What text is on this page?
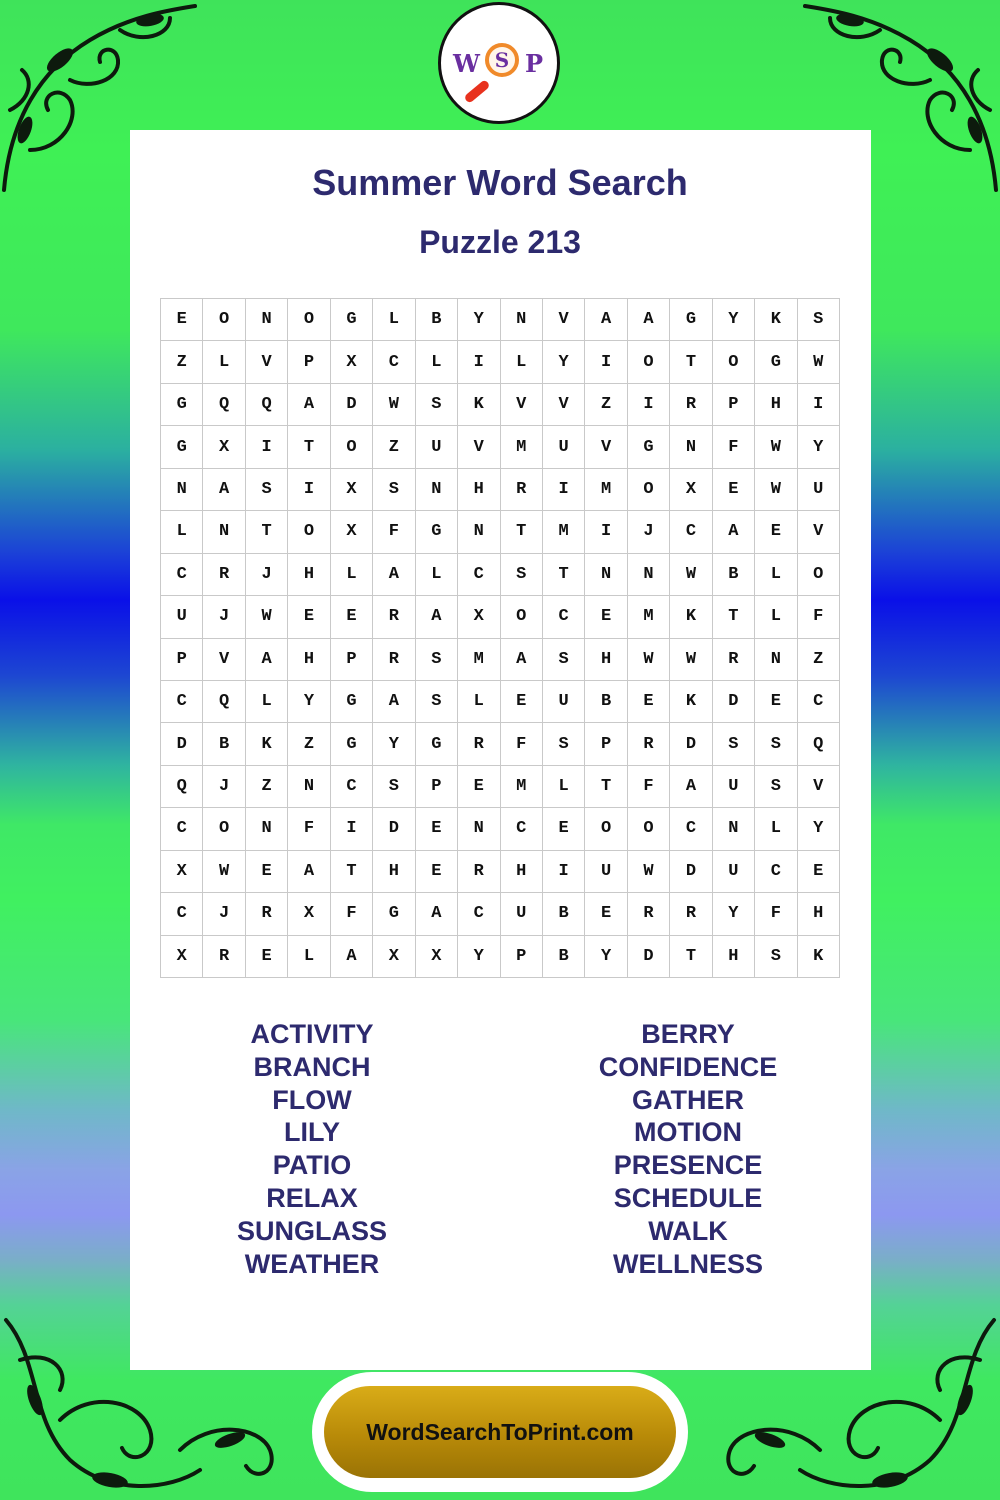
W S P
Summer Word Search
Puzzle 213
E	O	N	O	G	L	B	Y	N	V	A	A	G	Y	K	S
Z	L	V	P	X	C	L	I	L	Y	I	O	T	O	G	W
G	Q	Q	A	D	W	S	K	V	V	Z	I	R	P	H	I
G	X	I	T	O	Z	U	V	M	U	V	G	N	F	W	Y
N	A	S	I	X	S	N	H	R	I	M	O	X	E	W	U
L	N	T	O	X	F	G	N	T	M	I	J	C	A	E	V
C	R	J	H	L	A	L	C	S	T	N	N	W	B	L	O
U	J	W	E	E	R	A	X	O	C	E	M	K	T	L	F
P	V	A	H	P	R	S	M	A	S	H	W	W	R	N	Z
C	Q	L	Y	G	A	S	L	E	U	B	E	K	D	E	C
D	B	K	Z	G	Y	G	R	F	S	P	R	D	S	S	Q
Q	J	Z	N	C	S	P	E	M	L	T	F	A	U	S	V
C	O	N	F	I	D	E	N	C	E	O	O	C	N	L	Y
X	W	E	A	T	H	E	R	H	I	U	W	D	U	C	E
C	J	R	X	F	G	A	C	U	B	E	R	R	Y	F	H
X	R	E	L	A	X	X	Y	P	B	Y	D	T	H	S	K
ACTIVITY
BRANCH
FLOW
LILY
PATIO
RELAX
SUNGLASS
WEATHER
BERRY
CONFIDENCE
GATHER
MOTION
PRESENCE
SCHEDULE
WALK
WELLNESS
WordSearchToPrint.com
